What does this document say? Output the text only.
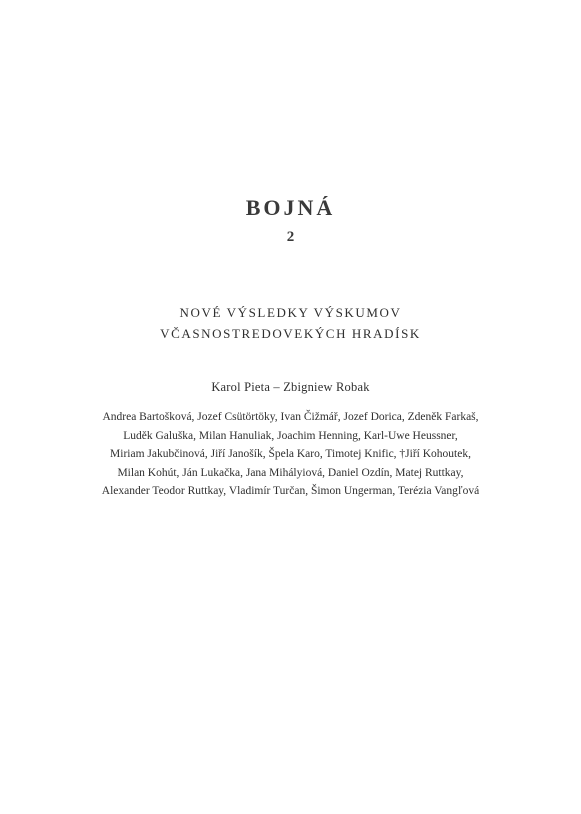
BOJNÁ
2
NOVÉ VÝSLEDKY VÝSKUMOV
VČASNOSTREDOVEKÝCH HRADÍSK
Karol Pieta – Zbigniew Robak
Andrea Bartošková, Jozef Csütörtöky, Ivan Čižmář, Jozef Dorica, Zdeněk Farkaš,
Luděk Galuška, Milan Hanuliak, Joachim Henning, Karl-Uwe Heussner,
Miriam Jakubčinová, Jiří Janošík, Špela Karo, Timotej Knific, †Jiří Kohoutek,
Milan Kohút, Ján Lukačka, Jana Mihályiová, Daniel Ozdín, Matej Ruttkay,
Alexander Teodor Ruttkay, Vladimír Turčan, Šimon Ungerman, Terézia Vangľová
